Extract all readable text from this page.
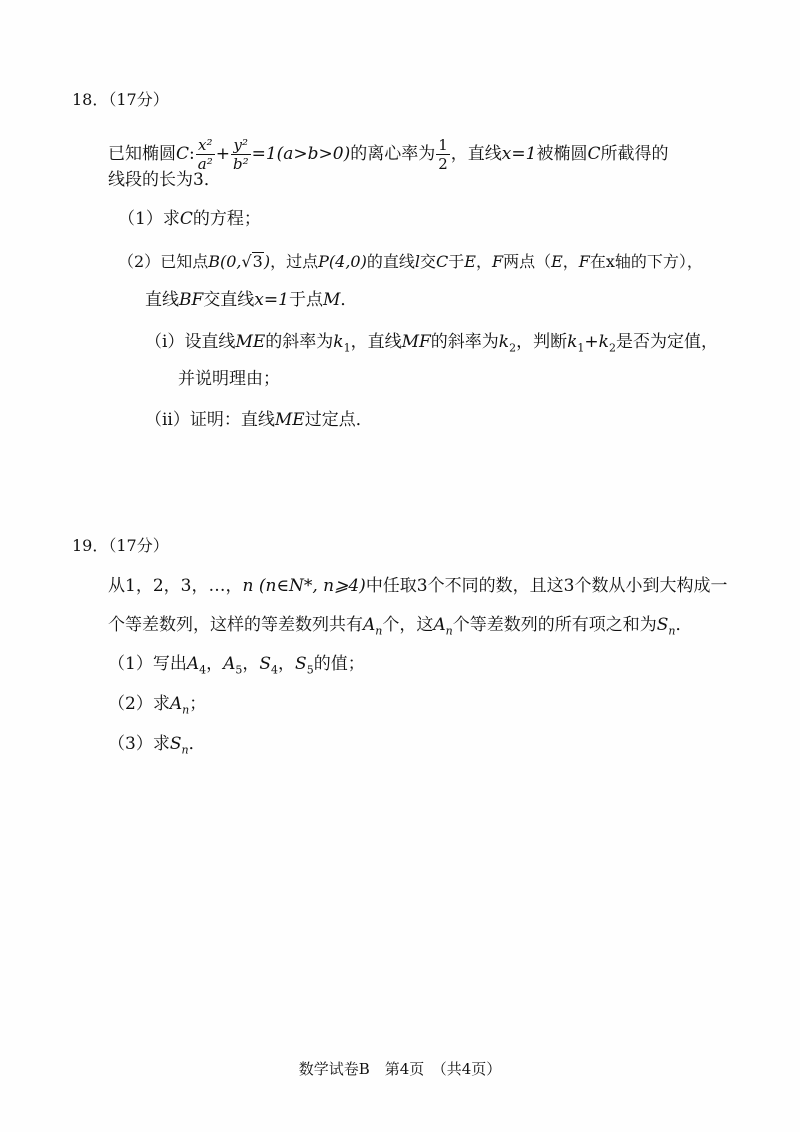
18．（17分）
已知椭圆C: $\frac{\text{x²}}{\text{a²}} + \frac{\text{y²}}{\text{b²}} =1(a>b>0)$的离心率为 $\frac{1}{2}$ ，直线x=1被椭圆C所截得的
线段的长为3．
（1）求C的方程；
（2）已知点B(0,√3)，过点P(4,0)的直线l交C于E，F两点（E，F在x轴的下方），
直线BF交直线x=1于点M．
（i）设直线ME的斜率为$k_1$，直线MF的斜率为$k_2$，判断$k_1+k_2$是否为定值，
并说明理由；
（ii）证明：直线ME过定点．
19．（17分）
从1，2，3，…，n (n∈N*, n⩾4)中任取3个不同的数，且这3个数从小到大构成一
个等差数列，这样的等差数列共有$A_n$个，这$A_n$个等差数列的所有项之和为$S_n$．
（1）写出$A_4$，$A_5$，$S_4$，$S_5$的值；
（2）求$A_n$；
（3）求$S_n$．
数学试卷B　第4页　（共4页）
